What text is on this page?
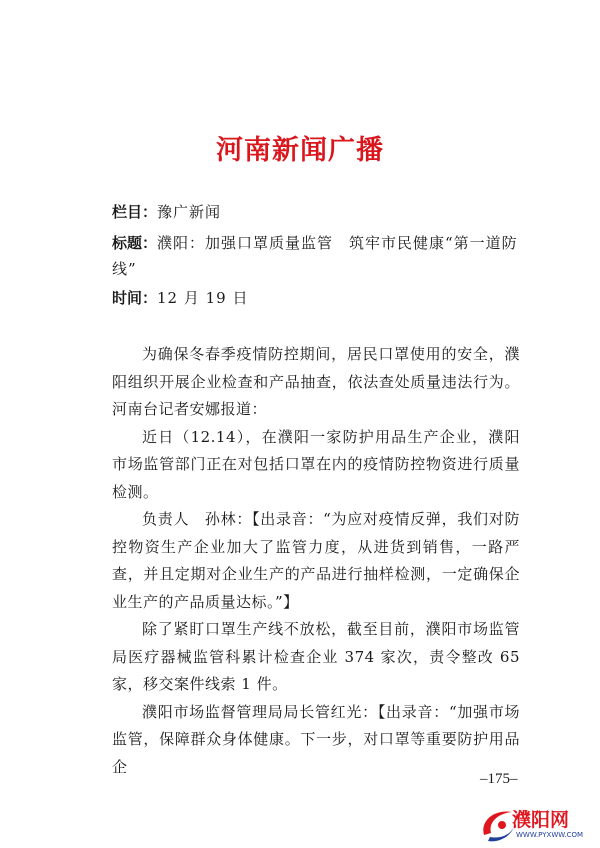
河南新闻广播
栏目：豫广新闻
标题：濮阳：加强口罩质量监管　筑牢市民健康“第一道防线”
时间：12 月 19 日

为确保冬春季疫情防控期间，居民口罩使用的安全，濮阳组织开展企业检查和产品抽查，依法查处质量违法行为。河南台记者安娜报道：

近日（12.14），在濮阳一家防护用品生产企业，濮阳市场监管部门正在对包括口罩在内的疫情防控物资进行质量检测。

负责人　孙林：【出录音：“为应对疫情反弹，我们对防控物资生产企业加大了监管力度，从进货到销售，一路严查，并且定期对企业生产的产品进行抽样检测，一定确保企业生产的产品质量达标。”】

除了紧盯口罩生产线不放松，截至目前，濮阳市场监管局医疗器械监管科累计检查企业 374 家次，责令整改 65 家，移交案件线索 1 件。

濮阳市场监督管理局局长管红光：【出录音：“加强市场监管，保障群众身体健康。下一步，对口罩等重要防护用品企

–175–
濮阳网
WWW.PYXWW.COM
